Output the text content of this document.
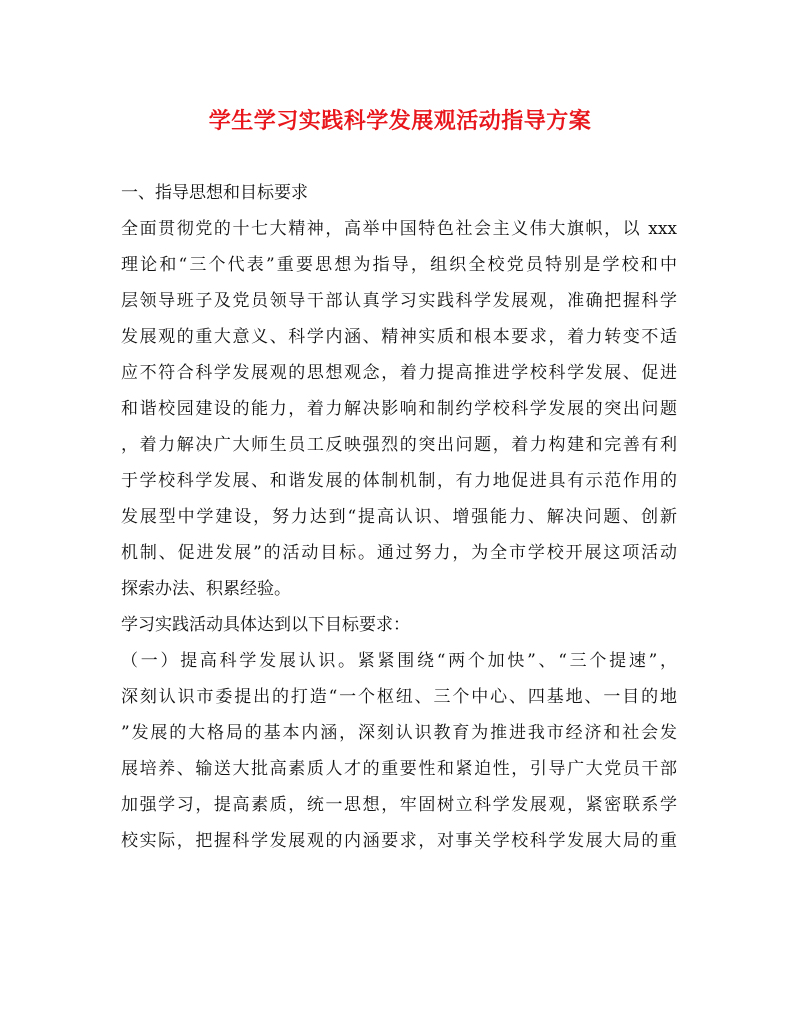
学生学习实践科学发展观活动指导方案
一、指导思想和目标要求
全面贯彻党的十七大精神，高举中国特色社会主义伟大旗帜，以 xxx
理论和“三个代表”重要思想为指导，组织全校党员特别是学校和中
层领导班子及党员领导干部认真学习实践科学发展观，准确把握科学
发展观的重大意义、科学内涵、精神实质和根本要求，着力转变不适
应不符合科学发展观的思想观念，着力提高推进学校科学发展、促进
和谐校园建设的能力，着力解决影响和制约学校科学发展的突出问题
，着力解决广大师生员工反映强烈的突出问题，着力构建和完善有利
于学校科学发展、和谐发展的体制机制，有力地促进具有示范作用的
发展型中学建设，努力达到“提高认识、增强能力、解决问题、创新
机制、促进发展”的活动目标。通过努力，为全市学校开展这项活动
探索办法、积累经验。
学习实践活动具体达到以下目标要求：
（一）提高科学发展认识。紧紧围绕“两个加快”、“三个提速”，
深刻认识市委提出的打造“一个枢纽、三个中心、四基地、一目的地
”发展的大格局的基本内涵，深刻认识教育为推进我市经济和社会发
展培养、输送大批高素质人才的重要性和紧迫性，引导广大党员干部
加强学习，提高素质，统一思想，牢固树立科学发展观，紧密联系学
校实际，把握科学发展观的内涵要求，对事关学校科学发展大局的重
